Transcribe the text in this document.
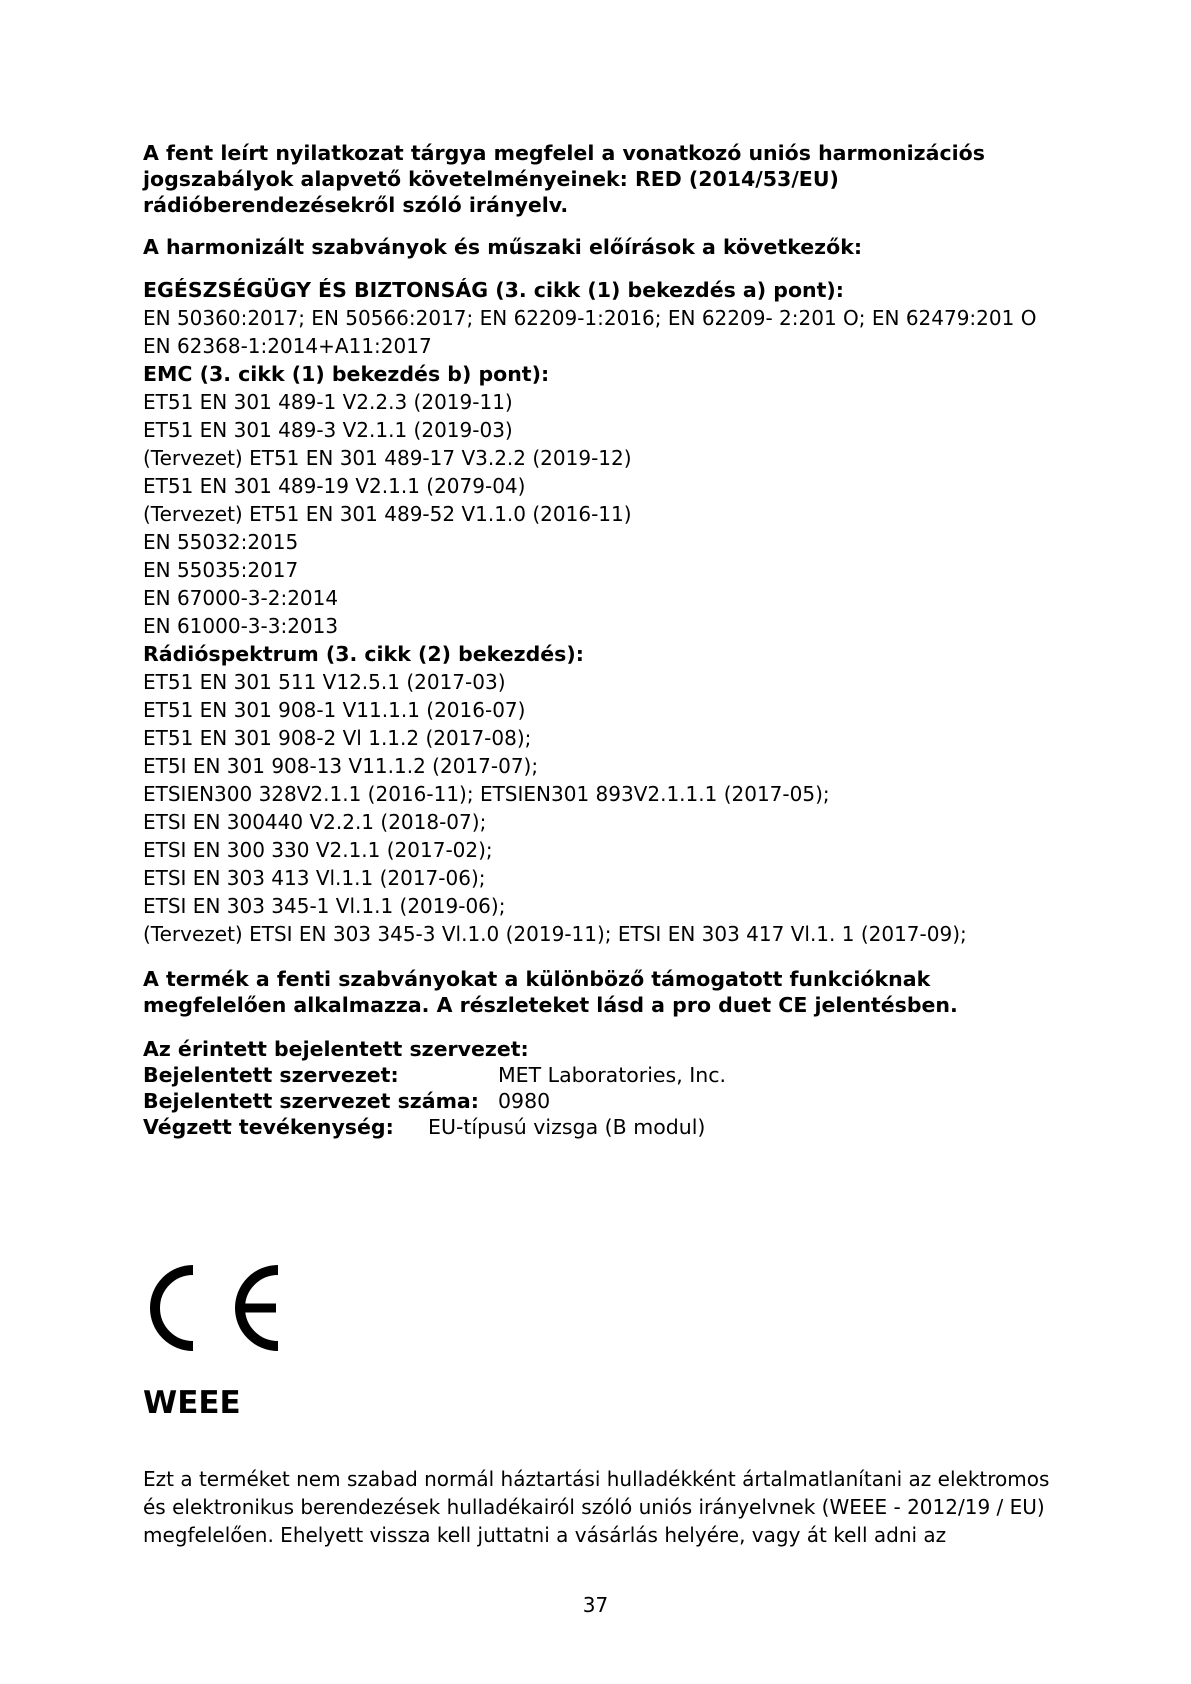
A fent leírt nyilatkozat tárgya megfelel a vonatkozó uniós harmonizációs jogszabályok alapvető követelményeinek: RED (2014/53/EU) rádióberendezésekről szóló irányelv.

A harmonizált szabványok és műszaki előírások a következők:

EGÉSZSÉGÜGY ÉS BIZTONSÁG (3. cikk (1) bekezdés a) pont):

EN 50360:2017; EN 50566:2017; EN 62209-1:2016; EN 62209- 2:201 O; EN 62479:201 O

EN 62368-1:2014+A11:2017

EMC (3. cikk (1) bekezdés b) pont):

ET51 EN 301 489-1 V2.2.3 (2019-11)

ET51 EN 301 489-3 V2.1.1 (2019-03)

(Tervezet) ET51 EN 301 489-17 V3.2.2 (2019-12)

ET51 EN 301 489-19 V2.1.1 (2079-04)

(Tervezet) ET51 EN 301 489-52 V1.1.0 (2016-11)

EN 55032:2015

EN 55035:2017

EN 67000-3-2:2014

EN 61000-3-3:2013

Rádióspektrum (3. cikk (2) bekezdés):

ET51 EN 301 511 V12.5.1 (2017-03)

ET51 EN 301 908-1 V11.1.1 (2016-07)

ET51 EN 301 908-2 Vl 1.1.2 (2017-08);

ET5I EN 301 908-13 V11.1.2 (2017-07);

ETSIEN300 328V2.1.1 (2016-11); ETSIEN301 893V2.1.1.1 (2017-05);

ETSI EN 300440 V2.2.1 (2018-07);

ETSI EN 300 330 V2.1.1 (2017-02);

ETSI EN 303 413 Vl.1.1 (2017-06);

ETSI EN 303 345-1 Vl.1.1 (2019-06);

(Tervezet) ETSI EN 303 345-3 Vl.1.0 (2019-11); ETSI EN 303 417 Vl.1. 1 (2017-09);

A termék a fenti szabványokat a különböző támogatott funkcióknak megfelelően alkalmazza. A részleteket lásd a pro duet CE jelentésben.

Az érintett bejelentett szervezet:

Bejelentett szervezet:	MET Laboratories, Inc.
Bejelentett szervezet száma: 0980
Végzett tevékenység: EU-típusú vizsga (B modul)

WEEE

Ezt a terméket nem szabad normál háztartási hulladékként ártalmatlanítani az elektromos és elektronikus berendezések hulladékairól szóló uniós irányelvnek (WEEE - 2012/19 / EU) megfelelően. Ehelyett vissza kell juttatni a vásárlás helyére, vagy át kell adni az

37
